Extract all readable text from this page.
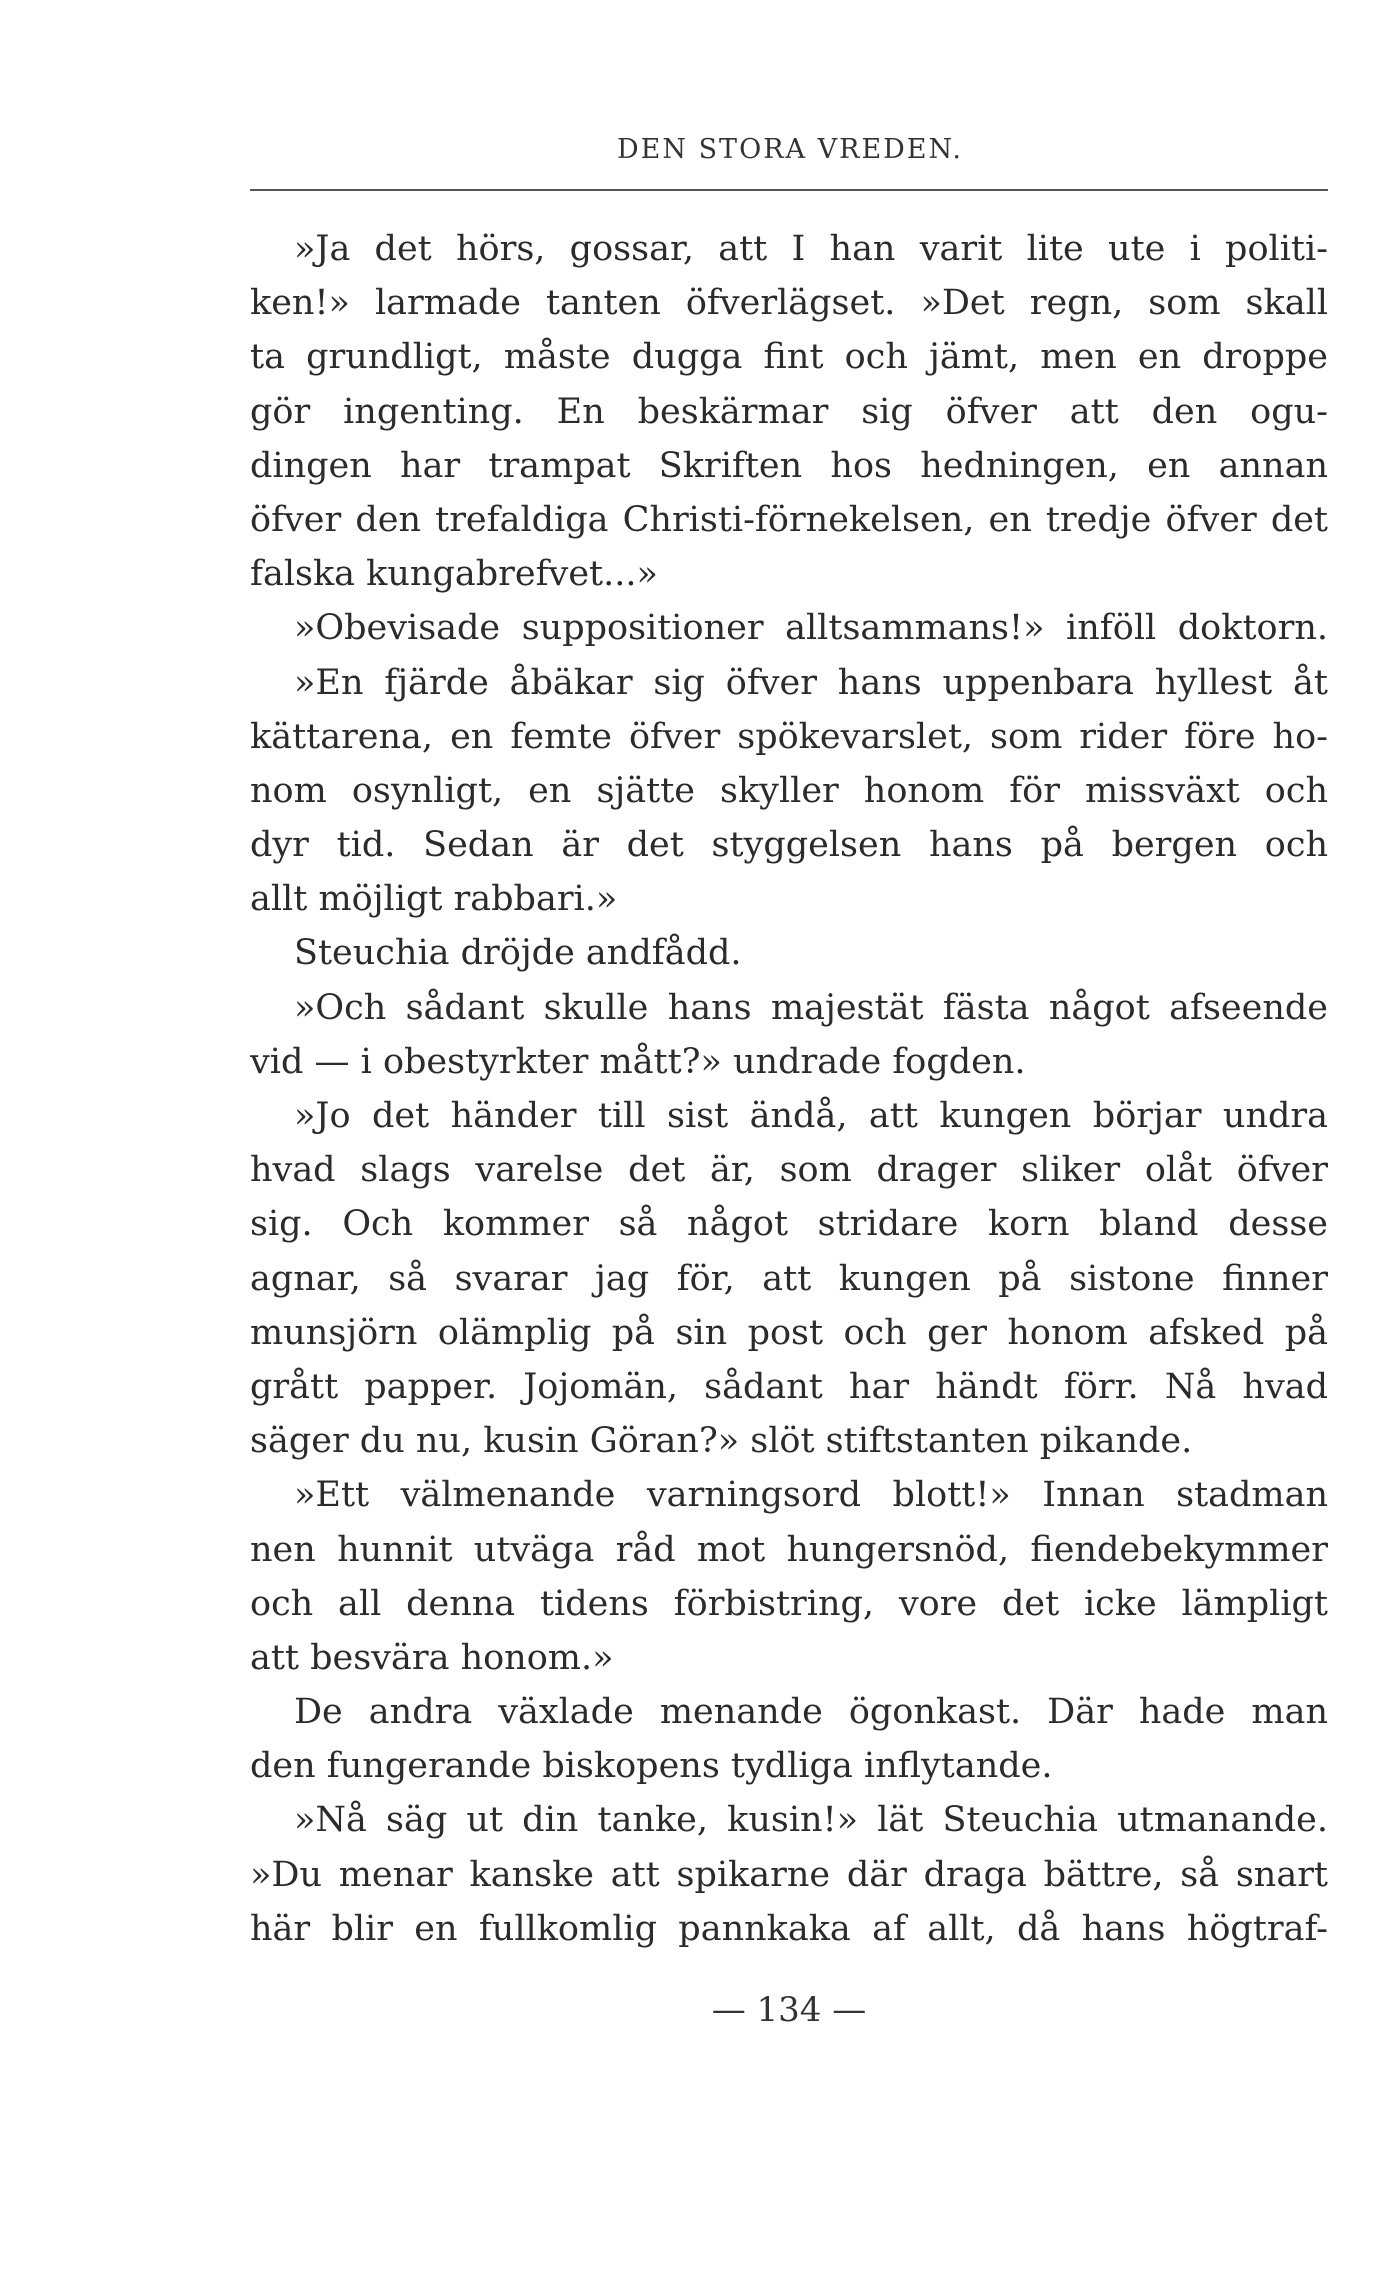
DEN STORA VREDEN.
»Ja det hörs, gossar, att I han varit lite ute i politi-
ken!» larmade tanten öfverlägset. »Det regn, som skall
ta grundligt, måste dugga fint och jämt, men en droppe
gör ingenting. En beskärmar sig öfver att den ogu-
dingen har trampat Skriften hos hedningen, en annan
öfver den trefaldiga Christi-förnekelsen, en tredje öfver det
falska kungabrefvet...»
»Obevisade suppositioner alltsammans!» inföll doktorn.
»En fjärde åbäkar sig öfver hans uppenbara hyllest åt
kättarena, en femte öfver spökevarslet, som rider före ho-
nom osynligt, en sjätte skyller honom för missväxt och
dyr tid. Sedan är det styggelsen hans på bergen och
allt möjligt rabbari.»
Steuchia dröjde andfådd.
»Och sådant skulle hans majestät fästa något afseende
vid — i obestyrkter mått?» undrade fogden.
»Jo det händer till sist ändå, att kungen börjar undra
hvad slags varelse det är, som drager sliker olåt öfver
sig. Och kommer så något stridare korn bland desse
agnar, så svarar jag för, att kungen på sistone finner
munsjörn olämplig på sin post och ger honom afsked på
grått papper. Jojomän, sådant har händt förr. Nå hvad
säger du nu, kusin Göran?» slöt stiftstanten pikande.
»Ett välmenande varningsord blott!» Innan stadman
nen hunnit utväga råd mot hungersnöd, fiendebekymmer
och all denna tidens förbistring, vore det icke lämpligt
att besvära honom.»
De andra växlade menande ögonkast. Där hade man
den fungerande biskopens tydliga inflytande.
»Nå säg ut din tanke, kusin!» lät Steuchia utmanande.
»Du menar kanske att spikarne där draga bättre, så snart
här blir en fullkomlig pannkaka af allt, då hans högtraf-
— 134 —
